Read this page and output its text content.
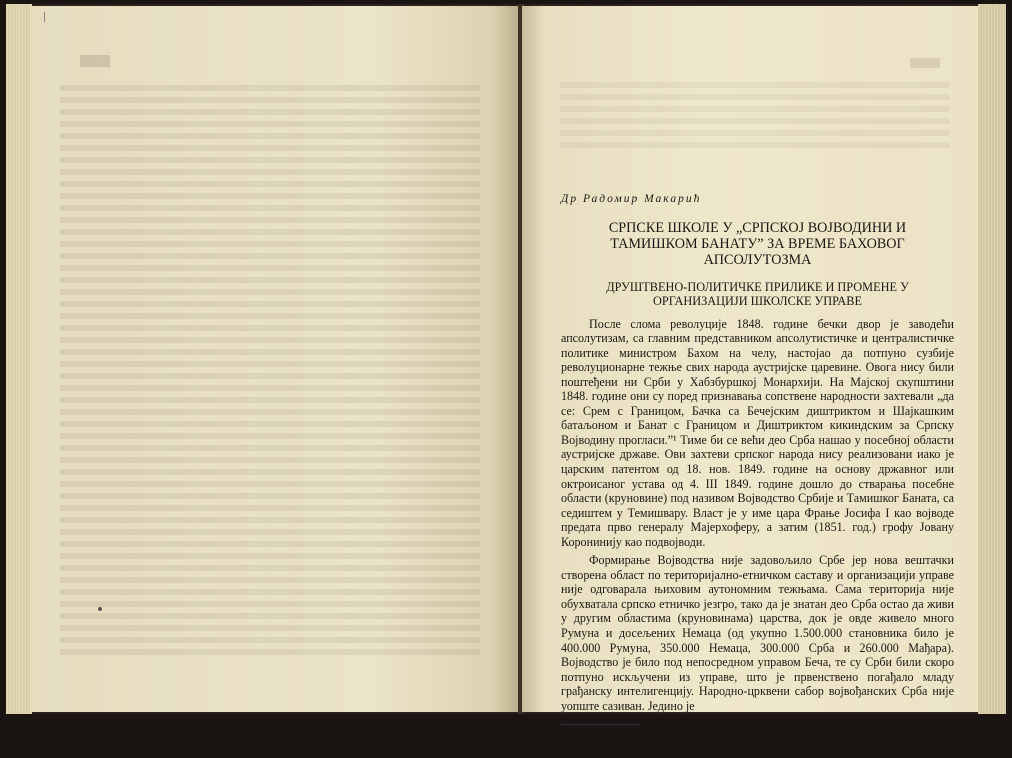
Др Радомир Макарић

СРПСКЕ ШКОЛЕ У „СРПСКОЈ ВОЈВОДИНИ И ТАМИШКОМ БАНАТУ” ЗА ВРЕМЕ БАХОВОГ АПСОЛУТОЗМА
ДРУШТВЕНО-ПОЛИТИЧКЕ ПРИЛИКЕ И ПРОМЕНЕ У ОРГАНИЗАЦИЈИ ШКОЛСКЕ УПРАВЕ

После слома револуције 1848. године бечки двор је заводећи апсолутизам, са главним представником апсолутистичке и централистичке политике министром Бахом на челу, настојао да потпуно сузбије револуционарне тежње свих народа аустријске царевине. Овога нису били поштеђени ни Срби у Хабзбуршкој Монархији. На Мајској скупштини 1848. године они су поред признавања сопствене народности захтевали „да се: Срем с Границом, Бачка са Бечејским диштриктом и Шајкашким батаљоном и Банат с Границом и Диштриктом кикиндским за Српску Војводину прогласи.”¹ Тиме би се већи део Срба нашао у посебној области аустријске државе. Ови захтеви српског народа нису реализовани иако је царским патентом од 18. нов. 1849. године на основу државног или октроисаног устава од 4. III 1849. године дошло до стварања посебне области (круновине) под називом Војводство Србије и Тамишког Баната, са седиштем у Темишвару. Власт је у име цара Фрање Јосифа I као војводе предата прво генералу Мајерхоферу, а затим (1851. год.) грофу Јовану Коронинију као подвојводи.

Формирање Војводства није задовољило Србе јер нова вештачки створена област по територијално-етничком саставу и организацији управе није одговарала њиховим аутономним тежњама. Сама територија није обухватала српско етничко језгро, тако да је знатан део Срба остао да живи у другим областима (круновинама) царства, док је овде живело много Румуна и досељених Немаца (од укупно 1.500.000 становника било је 400.000 Румуна, 350.000 Немаца, 300.000 Срба и 260.000 Мађара). Војводство је било под непосредном управом Беча, те су Срби били скоро потпуно искључени из управе, што је првенствено погађало младу грађанску интелигенцију. Народно-црквени сабор војвођанских Срба није уопште сазиван. Једино је

$^1$ Архива народних споменика, Сербски Летопис — Летопис Матице Српске 8 (1850), 92.
